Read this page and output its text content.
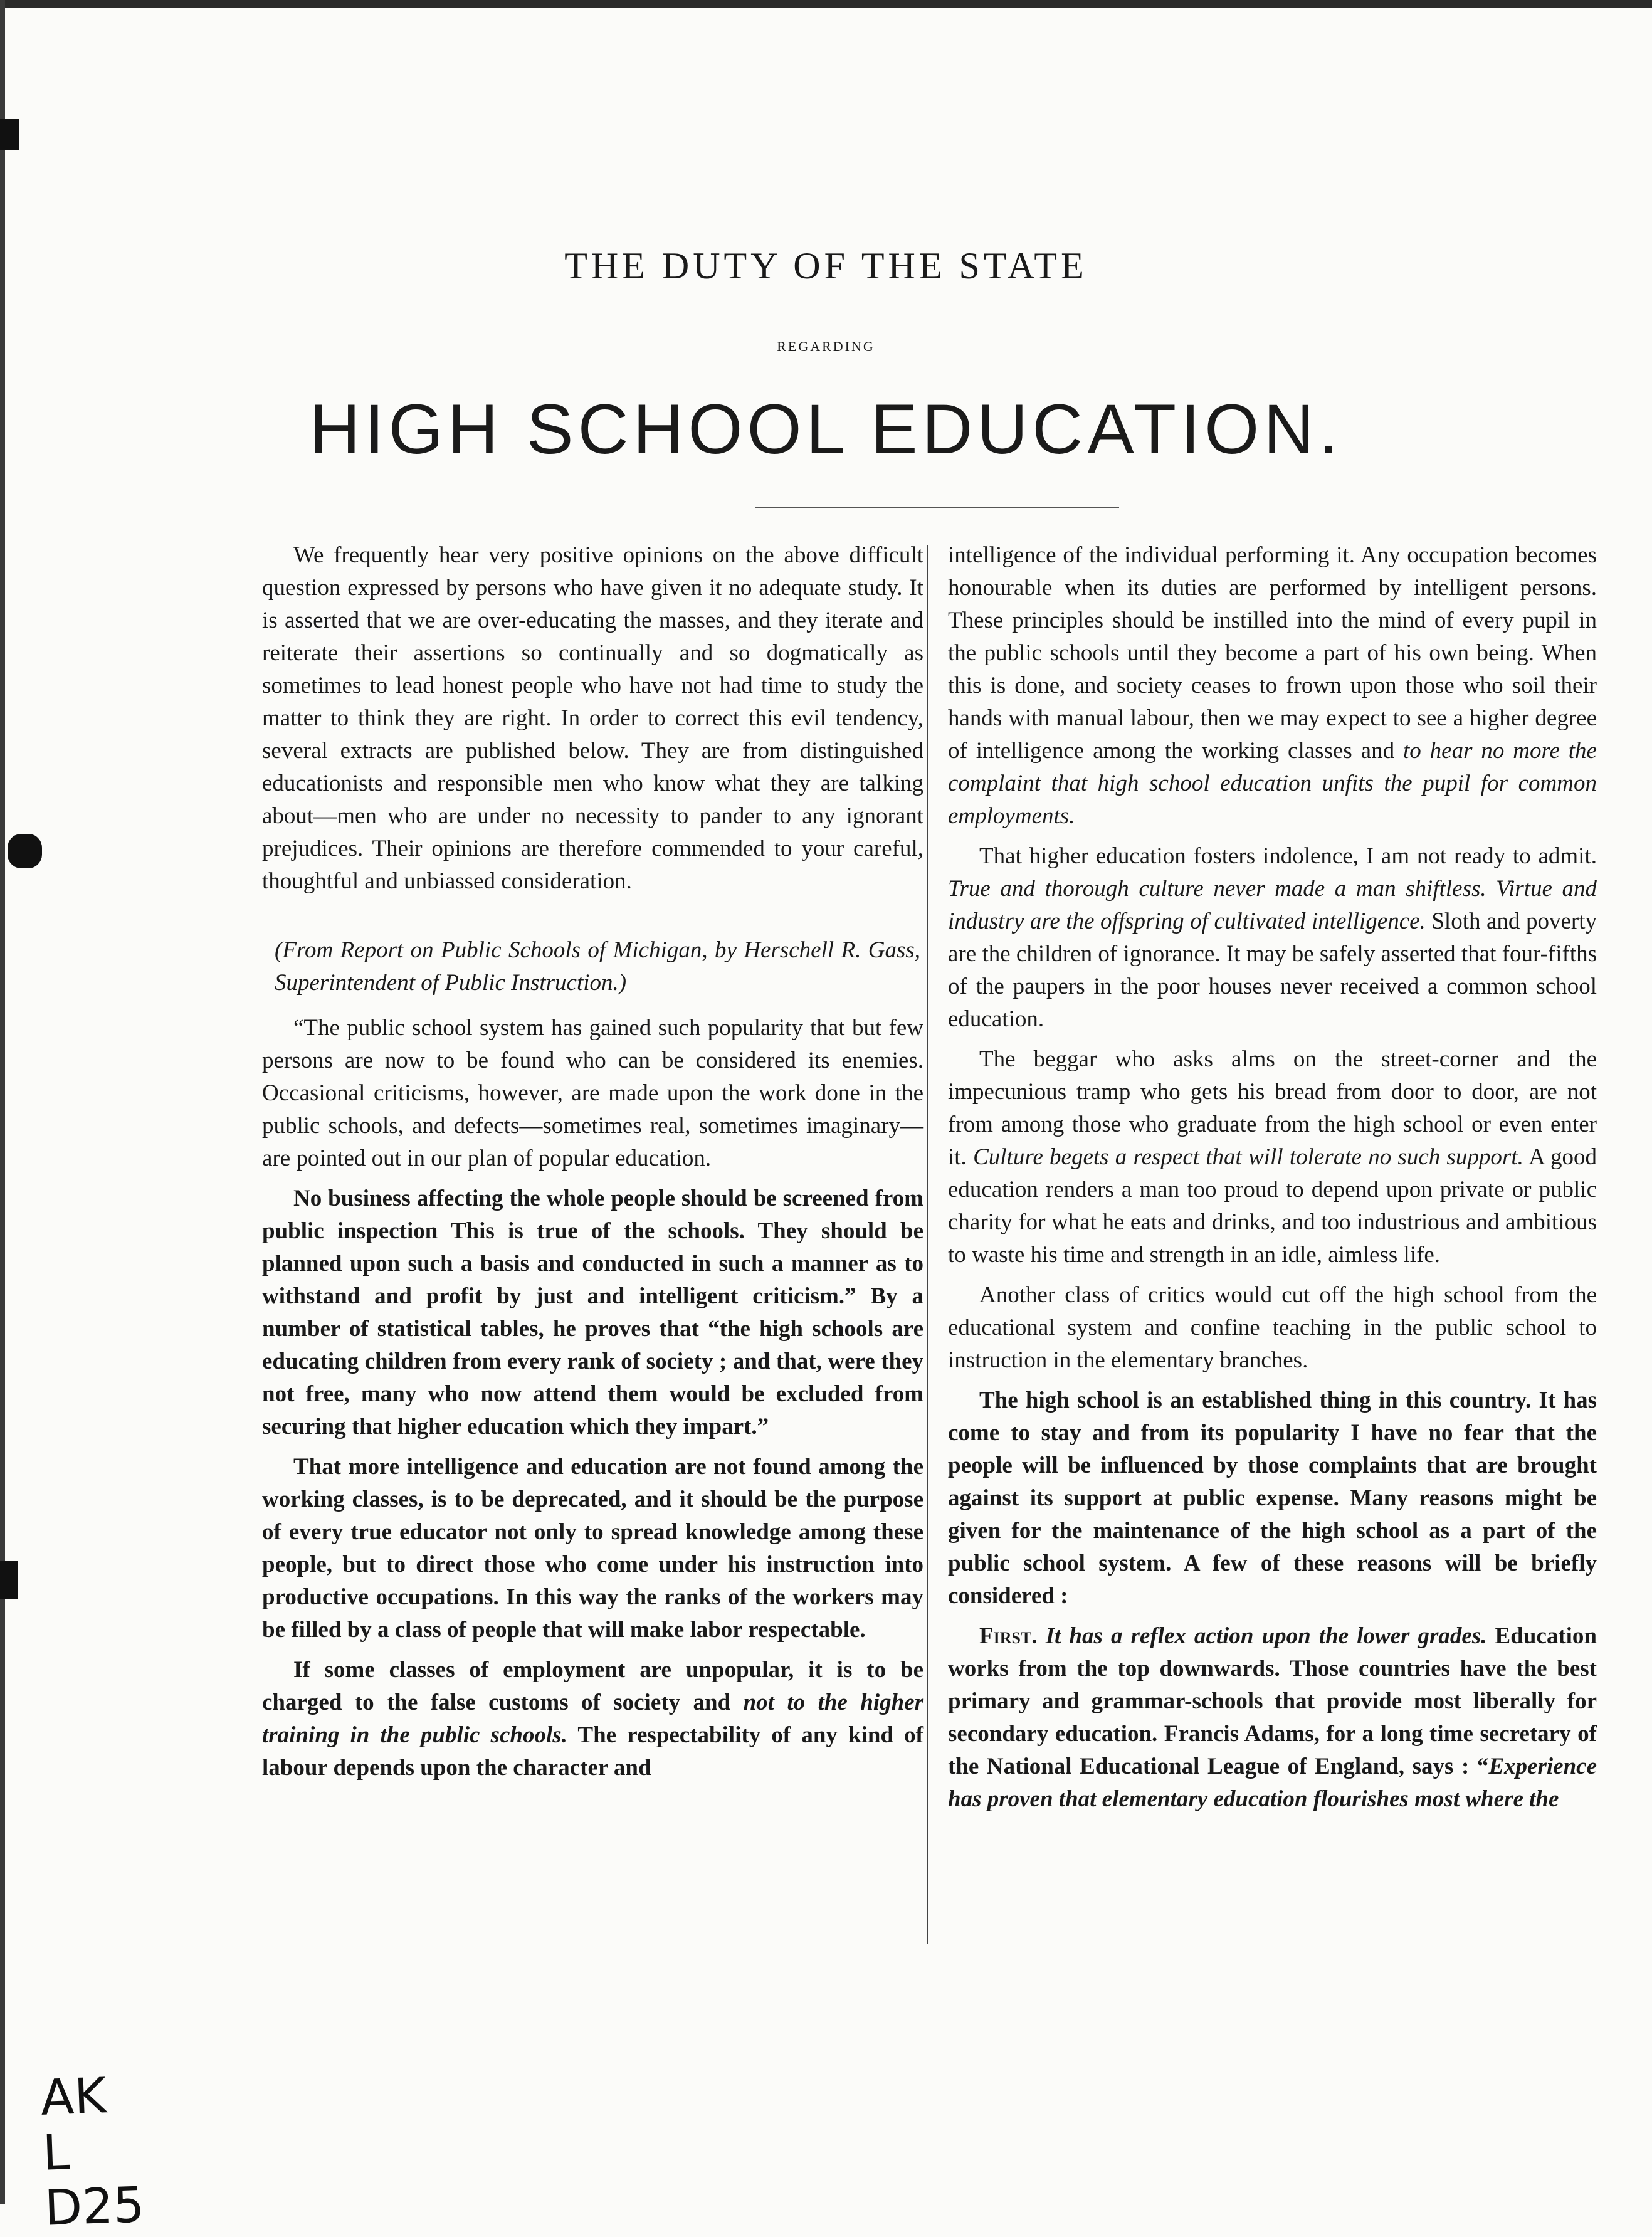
THE DUTY OF THE STATE
REGARDING
HIGH SCHOOL EDUCATION.

We frequently hear very positive opinions on the above difficult question expressed by persons who have given it no adequate study. It is asserted that we are over-educating the masses, and they iterate and reiterate their assertions so continually and so dogmatically as sometimes to lead honest people who have not had time to study the matter to think they are right. In order to correct this evil tendency, several extracts are published below. They are from distinguished educationists and responsible men who know what they are talking about—men who are under no necessity to pander to any ignorant prejudices. Their opinions are therefore commended to your careful, thoughtful and unbiassed consideration.

(From Report on Public Schools of Michigan, by Herschell R. Gass, Superintendent of Public Instruction.)

“The public school system has gained such popularity that but few persons are now to be found who can be considered its enemies. Occasional criticisms, however, are made upon the work done in the public schools, and defects—sometimes real, sometimes imaginary—are pointed out in our plan of popular education.

No business affecting the whole people should be screened from public inspection This is true of the schools. They should be planned upon such a basis and conducted in such a manner as to withstand and profit by just and intelligent criticism.” By a number of statistical tables, he proves that “the high schools are educating children from every rank of society ; and that, were they not free, many who now attend them would be excluded from securing that higher education which they impart.”

That more intelligence and education are not found among the working classes, is to be deprecated, and it should be the purpose of every true educator not only to spread knowledge among these people, but to direct those who come under his instruction into productive occupations. In this way the ranks of the workers may be filled by a class of people that will make labor respectable.

If some classes of employment are unpopular, it is to be charged to the false customs of society and not to the higher training in the public schools. The respectability of any kind of labour depends upon the character and

intelligence of the individual performing it. Any occupation becomes honourable when its duties are performed by intelligent persons. These principles should be instilled into the mind of every pupil in the public schools until they become a part of his own being. When this is done, and society ceases to frown upon those who soil their hands with manual labour, then we may expect to see a higher degree of intelligence among the working classes and to hear no more the complaint that high school education unfits the pupil for common employments.

That higher education fosters indolence, I am not ready to admit. True and thorough culture never made a man shiftless. Virtue and industry are the offspring of cultivated intelligence. Sloth and poverty are the children of ignorance. It may be safely asserted that four-fifths of the paupers in the poor houses never received a common school education.

The beggar who asks alms on the street-corner and the impecunious tramp who gets his bread from door to door, are not from among those who graduate from the high school or even enter it. Culture begets a respect that will tolerate no such support. A good education renders a man too proud to depend upon private or public charity for what he eats and drinks, and too industrious and ambitious to waste his time and strength in an idle, aimless life.

Another class of critics would cut off the high school from the educational system and confine teaching in the public school to instruction in the elementary branches.

The high school is an established thing in this country. It has come to stay and from its popularity I have no fear that the people will be influenced by those complaints that are brought against its support at public expense. Many reasons might be given for the maintenance of the high school as a part of the public school system. A few of these reasons will be briefly considered :

First. It has a reflex action upon the lower grades. Education works from the top downwards. Those countries have the best primary and grammar-schools that provide most liberally for secondary education. Francis Adams, for a long time secretary of the National Educational League of England, says : “Experience has proven that elementary education flourishes most where the

AK
L
D25
